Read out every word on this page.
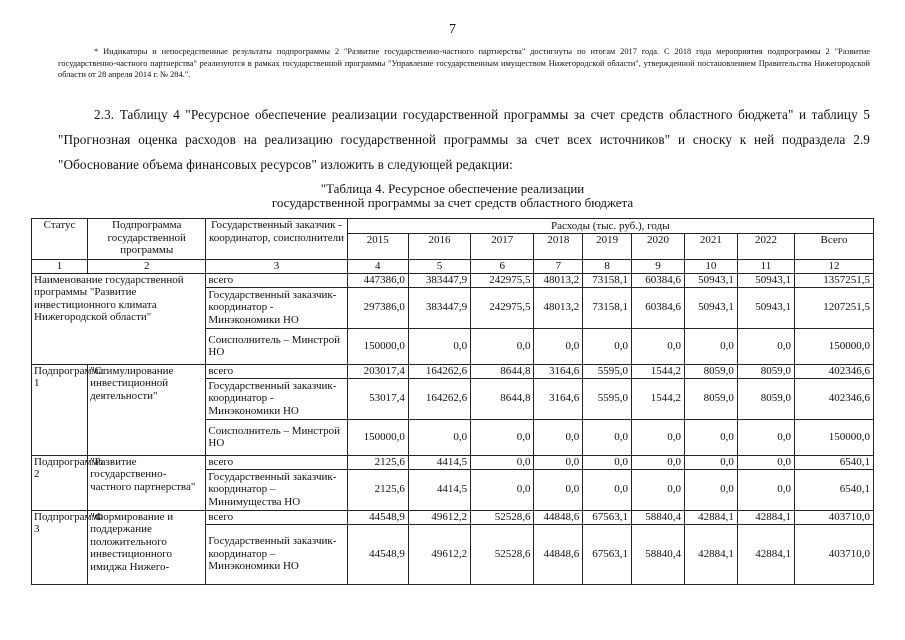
7
* Индикаторы и непосредственные результаты подпрограммы 2 "Развитие государственно-частного партнерства" достигнуты по итогам 2017 года. С 2018 года мероприятия подпрограммы 2 "Развитие государственно-частного партнерства" реализуются в рамках государственной программы "Управление государственным имуществом Нижегородской области", утвержденной постановлением Правительства Нижегородской области от 28 апреля 2014 г. № 284.".
2.3. Таблицу 4 "Ресурсное обеспечение реализации государственной программы за счет средств областного бюджета" и таблицу 5 "Прогнозная оценка расходов на реализацию государственной программы за счет всех источников" и сноску к ней подраздела 2.9 "Обоснование объема финансовых ресурсов" изложить в следующей редакции:
"Таблица 4. Ресурсное обеспечение реализации
государственной программы за счет средств областного бюджета
Статус	Подпрограмма государственной программы	Государственный заказчик - координатор, соисполнители	Расходы (тыс. руб.), годы								
			2015	2016	2017	2018	2019	2020	2021	2022	Всего
1	2	3	4	5	6	7	8	9	10	11	12
Наименование государственной программы "Развитие инвестиционного климата Нижегородской области"		всего	447386,0	383447,9	242975,5	48013,2	73158,1	60384,6	50943,1	50943,1	1357251,5
		Государственный заказчик-координатор - Минэкономики НО	297386,0	383447,9	242975,5	48013,2	73158,1	60384,6	50943,1	50943,1	1207251,5
		Соисполнитель – Минстрой НО	150000,0	0,0	0,0	0,0	0,0	0,0	0,0	0,0	150000,0
Подпрограмма 1	"Стимулирование инвестиционной деятельности"	всего	203017,4	164262,6	8644,8	3164,6	5595,0	1544,2	8059,0	8059,0	402346,6
		Государственный заказчик-координатор - Минэкономики НО	53017,4	164262,6	8644,8	3164,6	5595,0	1544,2	8059,0	8059,0	402346,6
		Соисполнитель – Минстрой НО	150000,0	0,0	0,0	0,0	0,0	0,0	0,0	0,0	150000,0
Подпрограмма 2	"Развитие государственно-частного партнерства"	всего	2125,6	4414,5	0,0	0,0	0,0	0,0	0,0	0,0	6540,1
		Государственный заказчик-координатор – Минимущества НО	2125,6	4414,5	0,0	0,0	0,0	0,0	0,0	0,0	6540,1
Подпрограмма 3	"Формирование и поддержание положительного инвестиционного имиджа Нижего-	всего	44548,9	49612,2	52528,6	44848,6	67563,1	58840,4	42884,1	42884,1	403710,0
		Государственный заказчик-координатор – Минэкономики НО	44548,9	49612,2	52528,6	44848,6	67563,1	58840,4	42884,1	42884,1	403710,0
